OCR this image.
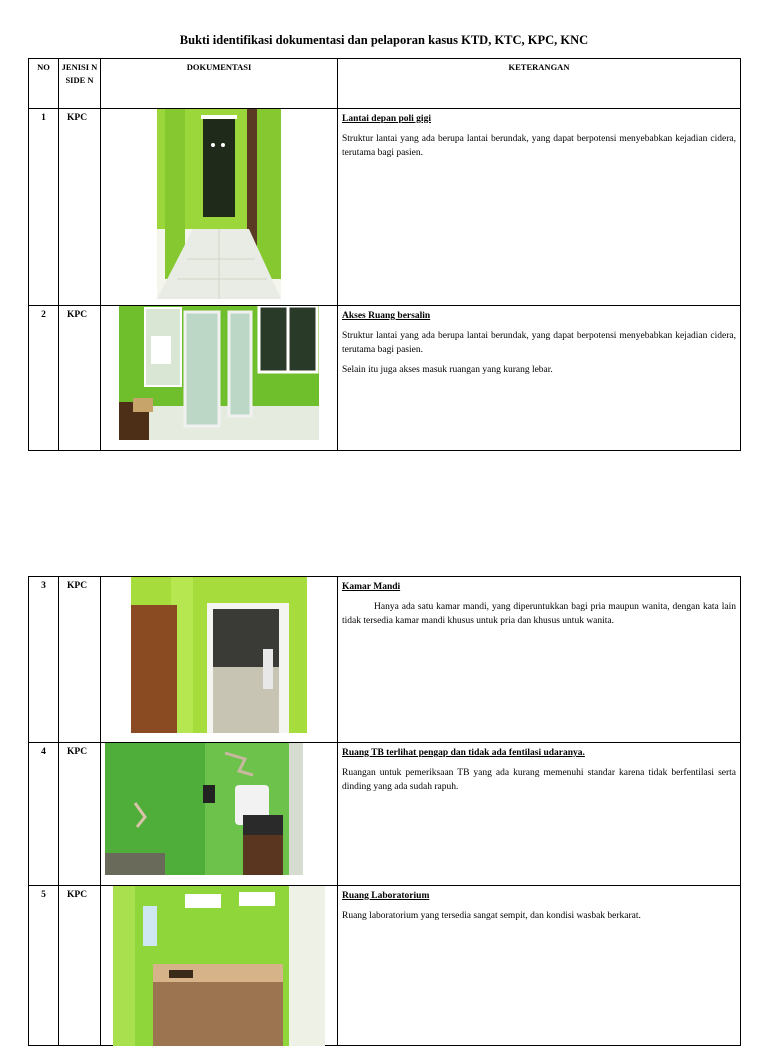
Bukti identifikasi dokumentasi dan pelaporan kasus KTD, KTC, KPC, KNC
NO	JENISI NSIDE N	DOKUMENTASI	KETERANGAN
1	KPC		Lantai depan poli gigi

Struktur lantai yang ada berupa lantai berundak, yang dapat berpotensi menyebabkan kejadian cidera, terutama bagi pasien.

2	KPC		Akses Ruang bersalin

Struktur lantai yang ada berupa lantai berundak, yang dapat berpotensi menyebabkan kejadian cidera, terutama bagi pasien.

Selain itu juga akses masuk ruangan yang kurang lebar.

3	KPC		Kamar Mandi

Hanya ada satu kamar mandi, yang diperuntukkan bagi pria maupun wanita, dengan kata lain tidak tersedia kamar mandi khusus untuk pria dan khusus untuk wanita.

4	KPC		Ruang TB terlihat pengap dan tidak ada fentilasi udaranya.

Ruangan untuk pemeriksaan TB yang ada kurang memenuhi standar karena tidak berfentilasi serta dinding yang ada sudah rapuh.

5	KPC		Ruang Laboratorium

Ruang laboratorium yang tersedia sangat sempit, dan kondisi wasbak berkarat.
